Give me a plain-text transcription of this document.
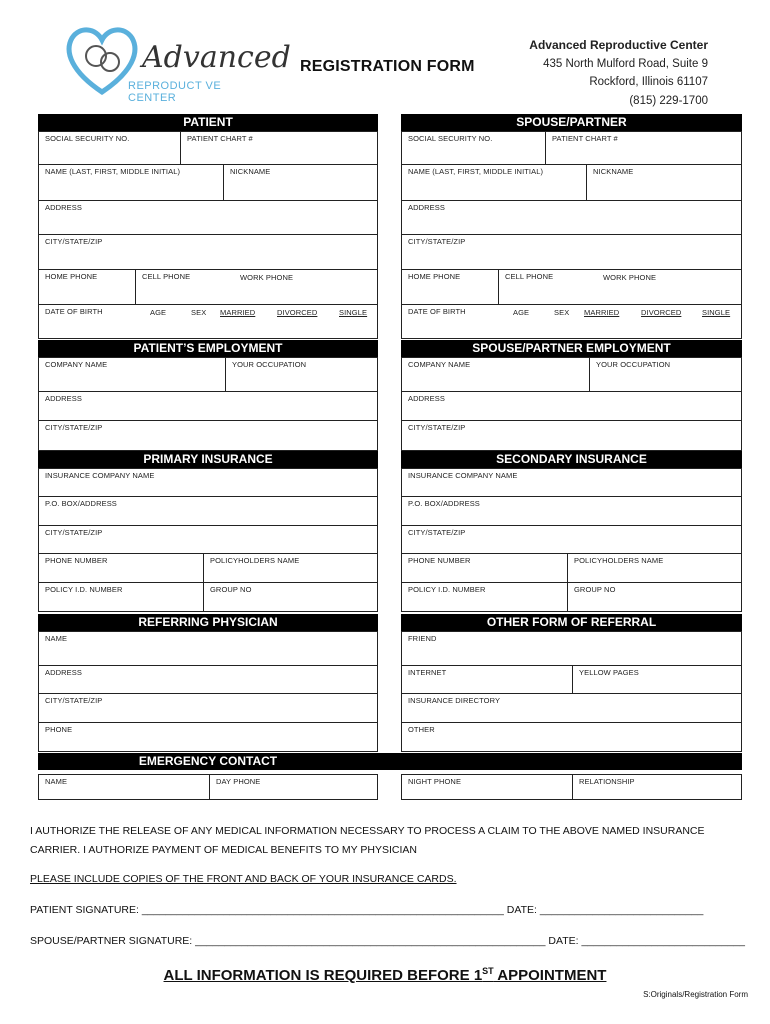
Advanced
REPRODUCT VE CENTER
REGISTRATION FORM
Advanced Reproductive Center
435 North Mulford Road, Suite 9
Rockford, Illinois 61107
(815) 229-1700
PATIENT
SOCIAL SECURITY NO.	PATIENT CHART #
NAME (LAST, FIRST, MIDDLE INITIAL)	NICKNAME
ADDRESS
CITY/STATE/ZIP
HOME PHONE	CELL PHONE	WORK PHONE
DATE OF BIRTH	AGE	SEX MARRIED	DIVORCED	SINGLE
SPOUSE/PARTNER
SOCIAL SECURITY NO.	PATIENT CHART #
NAME (LAST, FIRST, MIDDLE INITIAL)	NICKNAME
ADDRESS
CITY/STATE/ZIP
HOME PHONE	CELL PHONE	WORK PHONE
DATE OF BIRTH	AGE	SEX MARRIED	DIVORCED	SINGLE
PATIENT’S EMPLOYMENT
COMPANY NAME	YOUR OCCUPATION
ADDRESS
CITY/STATE/ZIP
SPOUSE/PARTNER EMPLOYMENT
COMPANY NAME	YOUR OCCUPATION
ADDRESS
CITY/STATE/ZIP
PRIMARY INSURANCE
INSURANCE COMPANY NAME
P.O. BOX/ADDRESS
CITY/STATE/ZIP
PHONE NUMBER	POLICYHOLDERS NAME
POLICY I.D. NUMBER	GROUP NO
SECONDARY INSURANCE
INSURANCE COMPANY NAME
P.O. BOX/ADDRESS
CITY/STATE/ZIP
PHONE NUMBER	POLICYHOLDERS NAME
POLICY I.D. NUMBER	GROUP NO
REFERRING PHYSICIAN
NAME
ADDRESS
CITY/STATE/ZIP
PHONE
OTHER FORM OF REFERRAL
FRIEND
INTERNET	YELLOW PAGES
INSURANCE DIRECTORY
OTHER
EMERGENCY CONTACT
NAME	DAY PHONE	NIGHT PHONE	RELATIONSHIP
I AUTHORIZE THE RELEASE OF ANY MEDICAL INFORMATION NECESSARY TO PROCESS A CLAIM TO THE ABOVE NAMED INSURANCE CARRIER. I AUTHORIZE PAYMENT OF MEDICAL BENEFITS TO MY PHYSICIAN
PLEASE INCLUDE COPIES OF THE FRONT AND BACK OF YOUR INSURANCE CARDS.
PATIENT SIGNATURE: ______________________________________________________________ DATE: ____________________________
SPOUSE/PARTNER SIGNATURE: ____________________________________________________________ DATE: ____________________________
ALL INFORMATION IS REQUIRED BEFORE 1ST APPOINTMENT
S:Originals/Registration Form
